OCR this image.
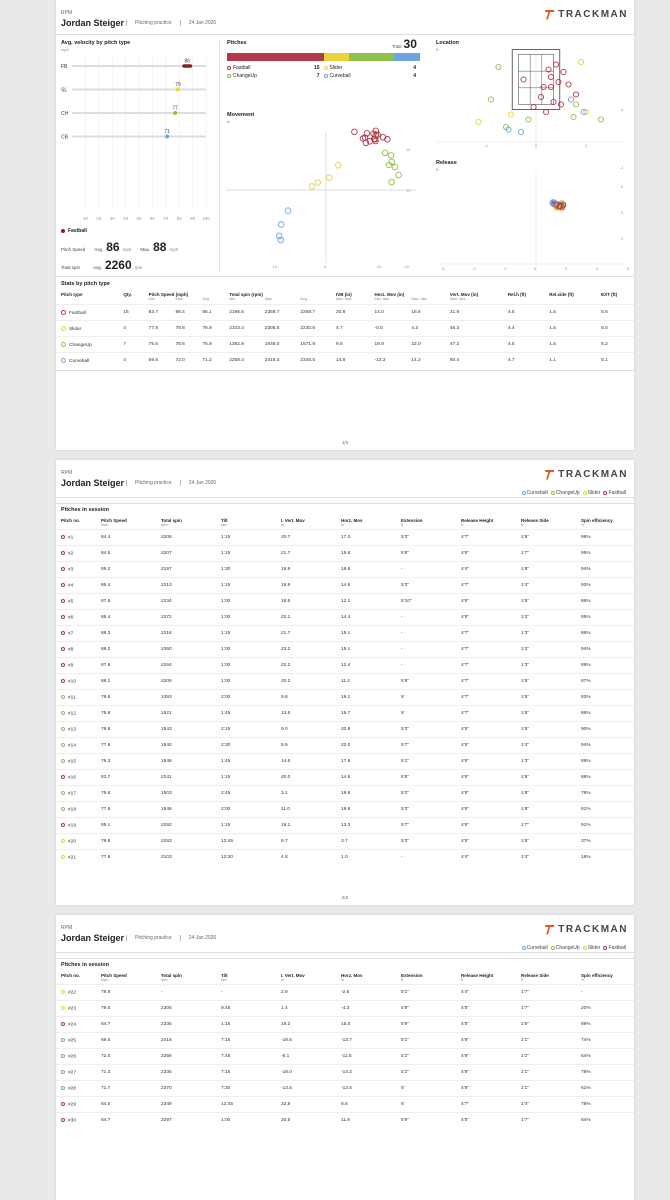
RPM
Jordan Steiger	Pitching practice	24 Jan 2026
TRACKMAN
Avg. velocity by pitch type
mph
10 20 30 40 50 60 70 80 90 100
FB
86
SL
79
CH
77
CB
71
Fastball
Pitch Speed Avg. 86 mph Max. 88 mph
Total spin	Avg. 2260 rpm
Pitches
Total 30
Fastball	15 Slider	4
ChangeUp	7 Curveball	4
Movement
in
-16	0	16	-16
16
10
Location
ft
-2	0	2
4
2
Release
ft
-6	-4	-2	0	2	4	6
6
4
2
Stats by pitch type
Pitch type	Qty.	Pitch Speed (mph)			Total spin (rpm)			IVB (in)	Horz. Mov (in)		Vert. Mov (in)	Rel.h (ft)	Rel.side (ft)	EXT (ft)
		Min.	Max.	Avg.	Min.	Max.	Avg.	Max. abs.	Min. abs.	Max. abs.	Max. abs.			
Fastball	15	83.7	88.4	86.1	2196.6	2359.7	2259.7	20.8	14.0	18.6	21.9	4.5	1.5	5.6
Slider	4	77.8	79.8	78.9	2103.4	2305.8	2230.8	4.7	-0.5	4.3	45.3	4.4	1.5	5.0
ChangeUp	7	75.6	78.6	76.9	1392.9	1648.0	1571.9	9.6	19.9	22.0	47.2	4.5	1.5	5.2
Curveball	4	69.6	72.0	71.2	2258.4	2418.3	2345.5	14.8	-13.3	14.2	80.4	4.7	1.1	5.1
1/3
RPM
Jordan Steiger	Pitching practice	24 Jan 2026
TRACKMAN
Curveball ChangeUp Slider Fastball
Pitches in session
Pitch no.	Pitch Speed
mph	Total spin
rpm	Tilt
sec	I. Vert. Mov
in	Horz. Mov
in	Extension
ft	Release Height
ft	Release Side
ft	Spin efficiency
%

#1	84.4	2206	1:15	20.7	17.3	5'3"	4'7"	1'9"	98%
#2	84.5	2207	1:15	21.7	15.6	5'6"	4'6"	1'7"	95%
#3	85.2	2197	1:30	19.9	18.6	-	4'4"	1'8"	94%
#4	86.4	2213	1:15	19.9	14.9	5'3"	4'7"	1'4"	93%
#5	87.5	2234	1:00	18.5	12.1	5'10"	4'6"	1'5"	86%
#6	88.4	2272	1:00	22.1	14.4	-	4'8"	1'2"	85%
#7	88.3	2218	1:15	21.7	15.1	-	4'7"	1'3"	86%
#8	88.2	2360	1:00	23.2	15.1	-	4'7"	1'2"	94%
#9	87.8	2264	1:00	22.2	12.4	-	4'7"	1'3"	89%
#10	88.1	2209	1:00	20.2	11.2	5'9"	4'7"	1'5"	87%
#11	78.6	1393	2:00	9.8	19.1	5'	4'7"	1'5"	83%
#12	75.9	1621	1:45	13.6	19.7	5'	4'7"	1'6"	86%
#13	76.8	1543	2:15	9.0	20.9	5'3"	4'5"	1'5"	90%
#14	77.8	1640	2:30	5.9	22.0	5'7"	4'5"	1'4"	94%
#15	76.3	1648	1:45	14.6	17.9	5'1"	4'6"	1'3"	89%
#16	83.7	2241	1:15	20.0	14.6	5'5"	4'6"	1'9"	88%
#17	75.6	1503	2:45	3.1	19.9	5'2"	4'8"	1'8"	78%
#18	77.6	1646	2:00	11.0	19.9	5'3"	4'6"	1'8"	81%
#19	85.1	2292	1:15	19.1	13.3	5'7"	4'6"	1'7"	91%
#20	79.8	2283	12:45	9.7	3.7	5'3"	4'5"	1'6"	37%
#21	77.8	2103	12:30	4.8	1.0	-	4'4"	1'4"	18%
2/3
RPM
Jordan Steiger	Pitching practice	24 Jan 2026
TRACKMAN
Curveball ChangeUp Slider Fastball
Pitches in session
Pitch no.	Pitch Speed
mph	Total spin
rpm	Tilt
sec	I. Vert. Mov
in	Horz. Mov
in	Extension
ft	Release Height
ft	Release Side
ft	Spin efficiency
%

#22	78.9	-	-	2.9	-2.5	5'1"	4'4"	1'7"	-
#23	79.0	2306	9:45	1.4	-4.3	4'9"	4'5"	1'7"	20%
#24	84.7	2335	1:15	19.2	15.0	5'9"	4'5"	1'6"	89%
#25	69.6	2418	7:15	-19.6	-13.7	5'1"	4'9"	1'1"	74%
#26	72.0	2258	7:45	-8.1	-11.5	5'2"	4'9"	1'2"	54%
#27	71.3	2335	7:15	-18.0	-14.2	5'2"	4'8"	1'1"	78%
#28	71.7	2370	7:30	-13.5	-13.6	5'	4'8"	1'1"	61%
#29	84.0	2349	12:45	22.8	8.6	6'	4'7"	1'4"	78%
#30	84.7	2297	1:00	20.5	11.8	5'9"	4'5"	1'7"	84%
